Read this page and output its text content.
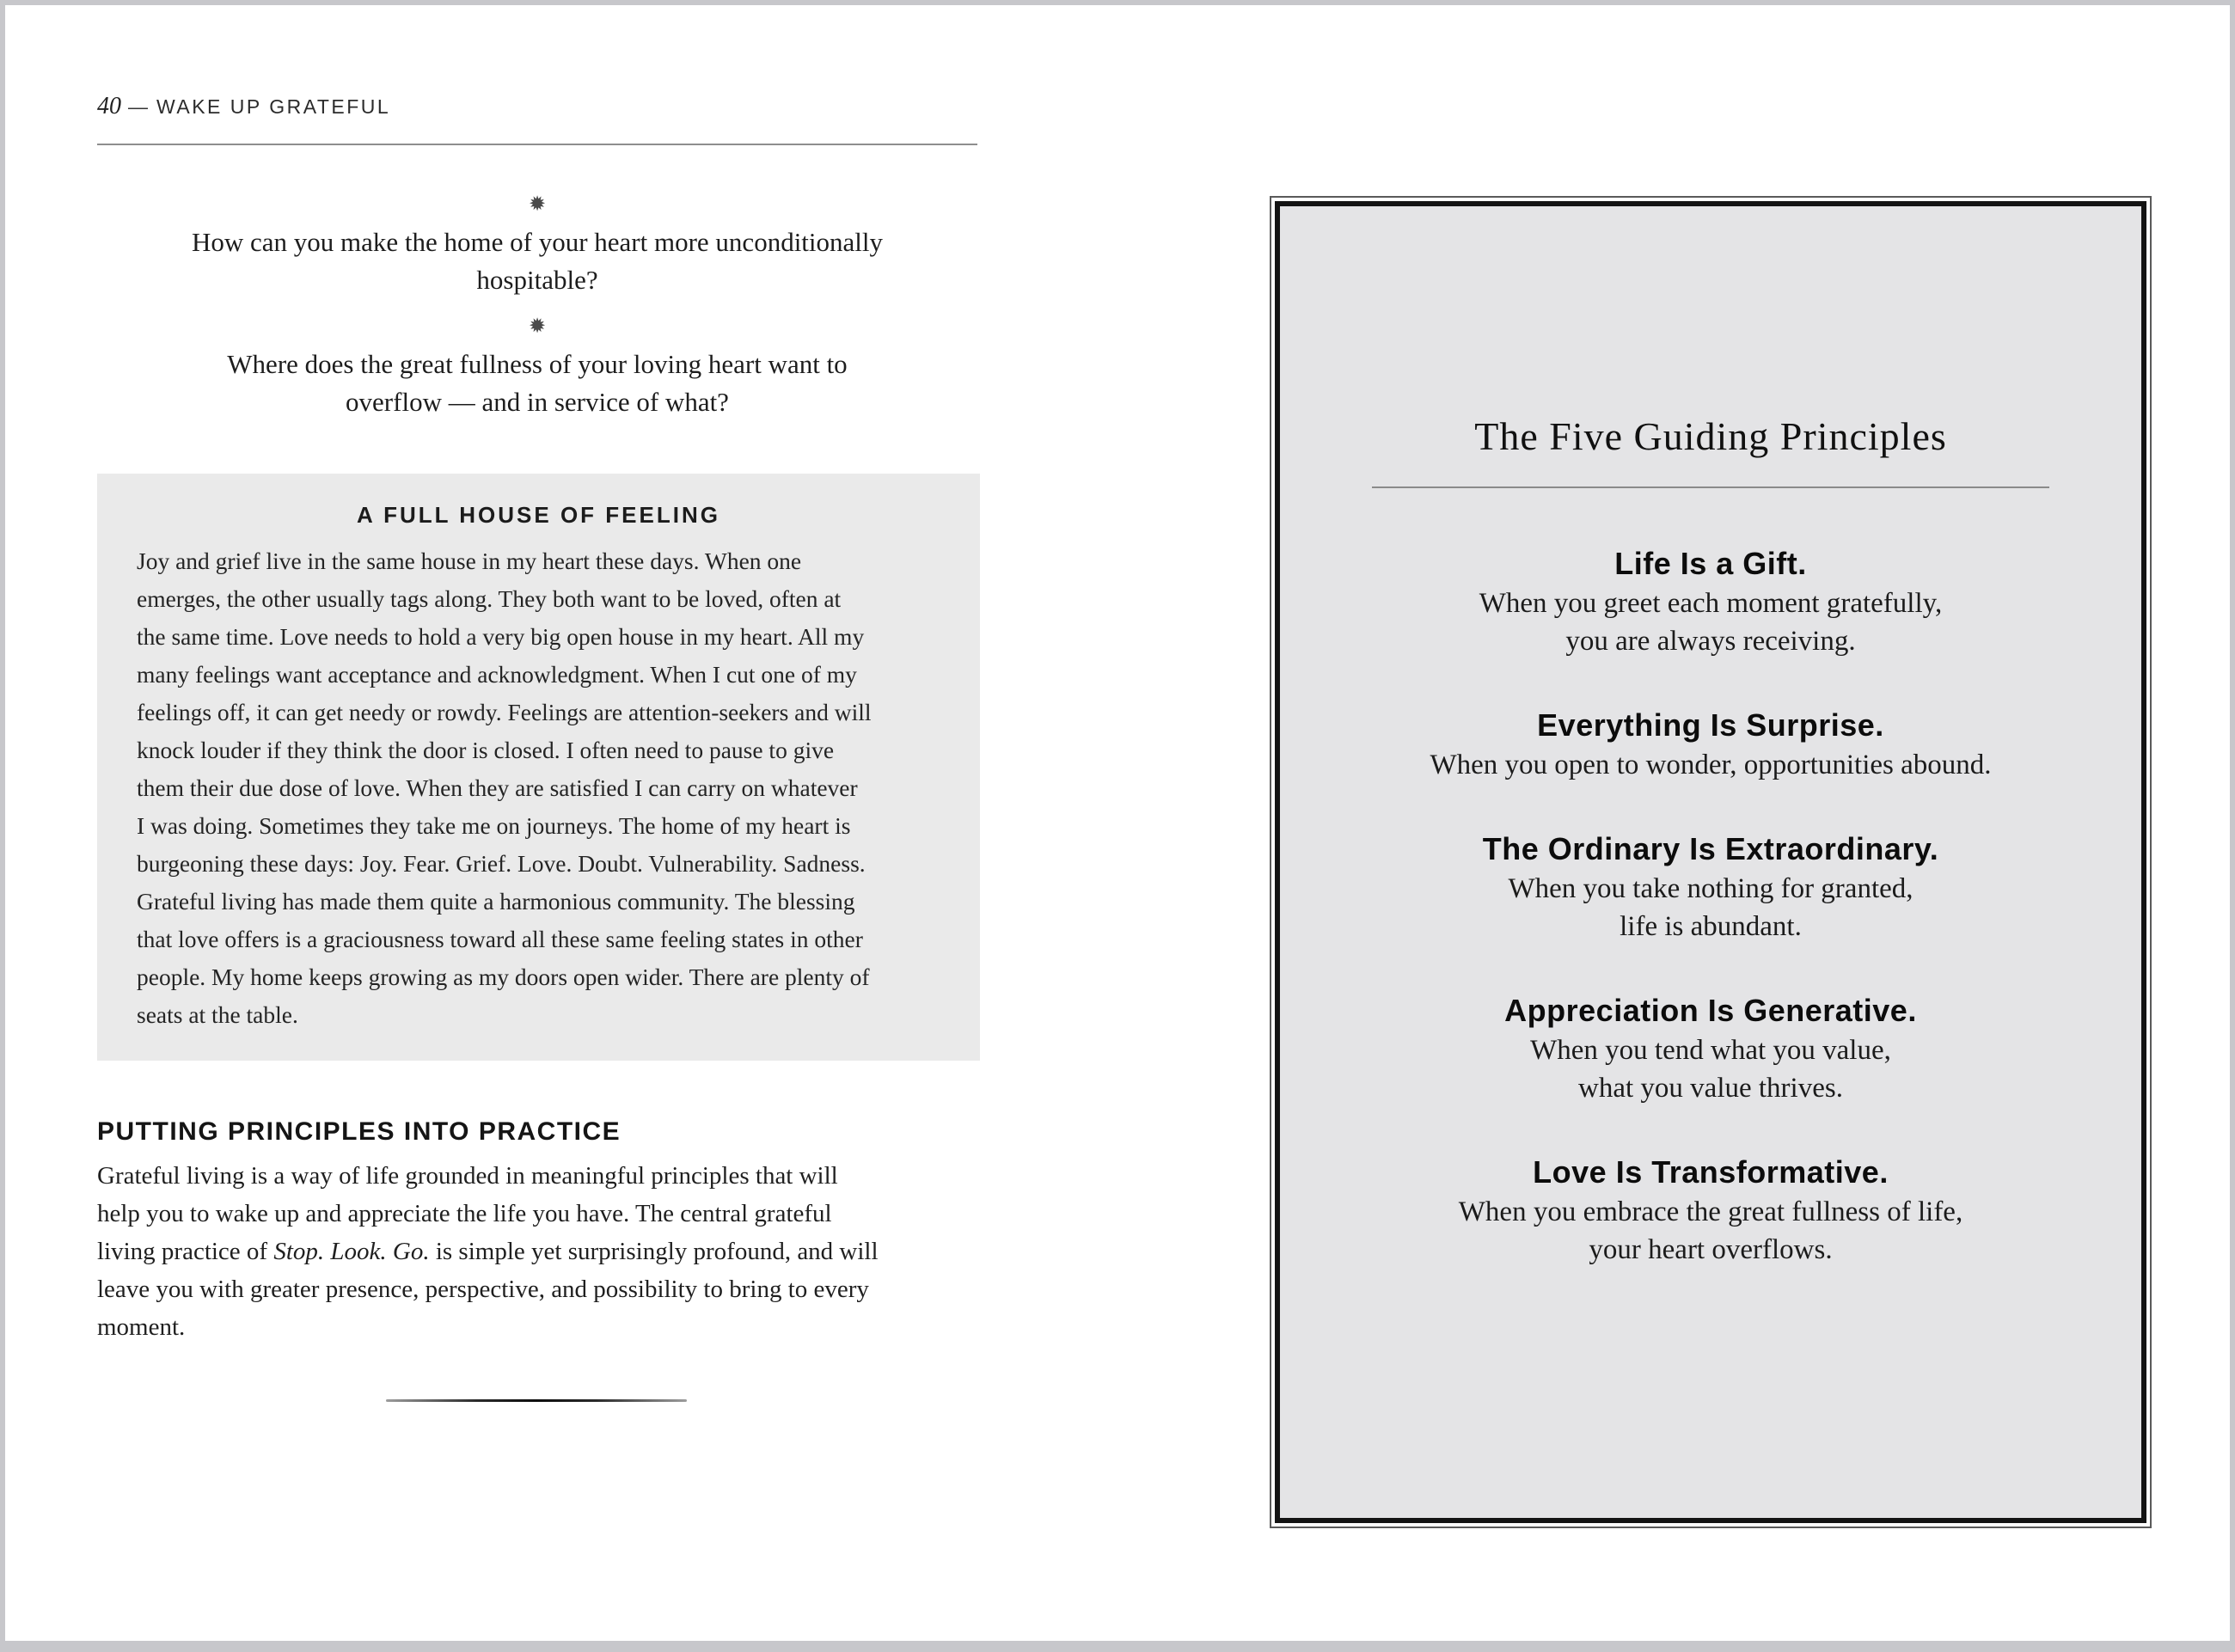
40 — WAKE UP GRATEFUL
✹
How can you make the home of your heart more unconditionally
hospitable?
✹
Where does the great fullness of your loving heart want to
overflow — and in service of what?
A FULL HOUSE OF FEELING
Joy and grief live in the same house in my heart these days. When one
emerges, the other usually tags along. They both want to be loved, often at
the same time. Love needs to hold a very big open house in my heart. All my
many feelings want acceptance and acknowledgment. When I cut one of my
feelings off, it can get needy or rowdy. Feelings are attention-seekers and will
knock louder if they think the door is closed. I often need to pause to give
them their due dose of love. When they are satisfied I can carry on whatever
I was doing. Sometimes they take me on journeys. The home of my heart is
burgeoning these days: Joy. Fear. Grief. Love. Doubt. Vulnerability. Sadness.
Grateful living has made them quite a harmonious community. The blessing
that love offers is a graciousness toward all these same feeling states in other
people. My home keeps growing as my doors open wider. There are plenty of
seats at the table.
PUTTING PRINCIPLES INTO PRACTICE
Grateful living is a way of life grounded in meaningful principles that will
help you to wake up and appreciate the life you have. The central grateful
living practice of Stop. Look. Go. is simple yet surprisingly profound, and will
leave you with greater presence, perspective, and possibility to bring to every
moment.
The Five Guiding Principles
Life Is a Gift.
When you greet each moment gratefully,
you are always receiving.
Everything Is Surprise.
When you open to wonder, opportunities abound.
The Ordinary Is Extraordinary.
When you take nothing for granted,
life is abundant.
Appreciation Is Generative.
When you tend what you value,
what you value thrives.
Love Is Transformative.
When you embrace the great fullness of life,
your heart overflows.
